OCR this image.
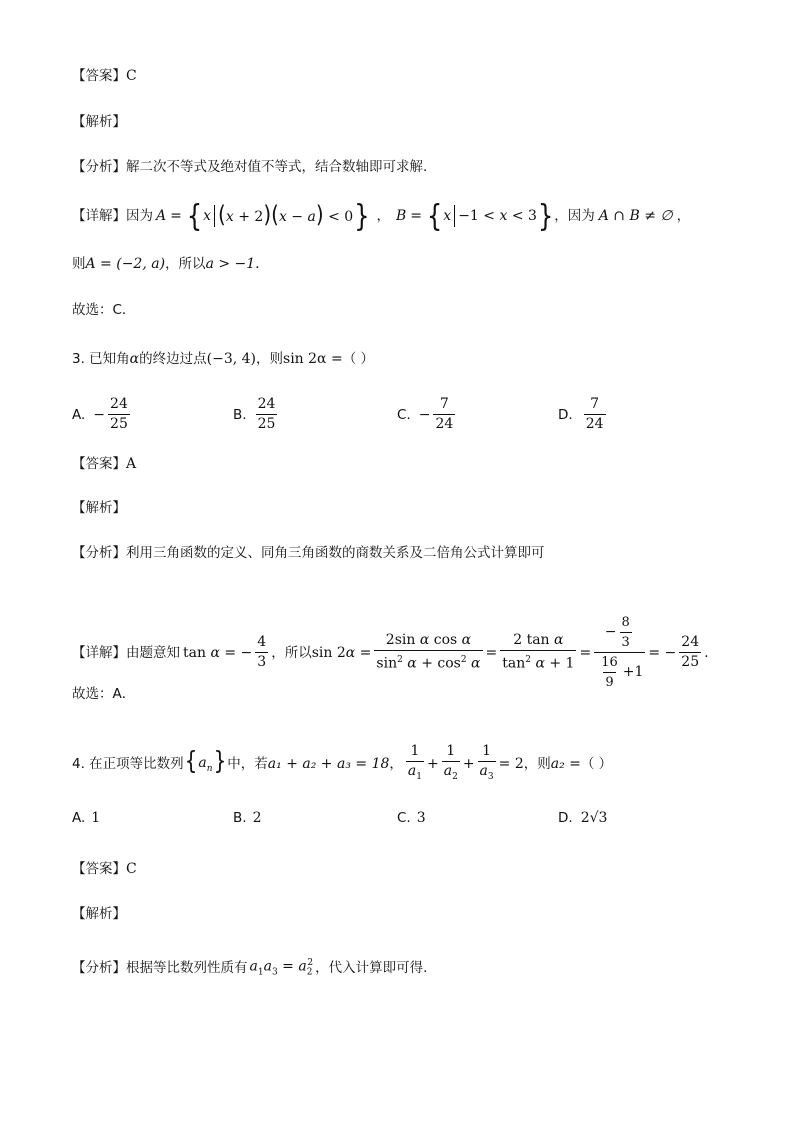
【答案】 C
【解析】
【分析】 解二次不等式及绝对值不等式，结合数轴即可求解.
【详解】 因为 A = { x (x + 2)(x − a) < 0 } ， B = { x −1 < x < 3 } ，因为 A ∩ B ≠ ∅ ，
则 A = (−2, a) ，所以 a > −1.
故选：C．
3. 已知角 α 的终边过点 (−3, 4) ，则 sin 2α = （ ）
A. − $\frac{24}{25}$	B. $\frac{24}{25}$	C. − $\frac{7}{24}$	D. $\frac{7}{24}$
【答案】 A
【解析】
【分析】 利用三角函数的定义、同角三角函数的商数关系及二倍角公式计算即可
【详解】 由题意知 tan α = − $\frac{4}{3}$ ，所以 $\sin 2\alpha = \frac{\text{2sin α cos α}}{\sin^2 \alpha + \cos^2 \alpha} = \frac{\text{2 tan α}}{\tan^2 \alpha + 1} = \frac{- \frac{8}{3}}{\frac{16}{9} +1}$ = − $\frac{24}{25}$ .
故选：A．
4. 在正项等比数列 $\{a_n\}$ 中，若 a₁ + a₂ + a₃ = 18 ， $\frac{1}{a_1} + \frac{1}{a_2} + \frac{1}{a_3} = 2$ ，则 a₂ = （ ）
A. 1	B. 2	C. 3	D. 2√3
【答案】 C
【解析】
【分析】 根据等比数列性质有 $a_1a_3 = a_2^2$ ，代入计算即可得.
